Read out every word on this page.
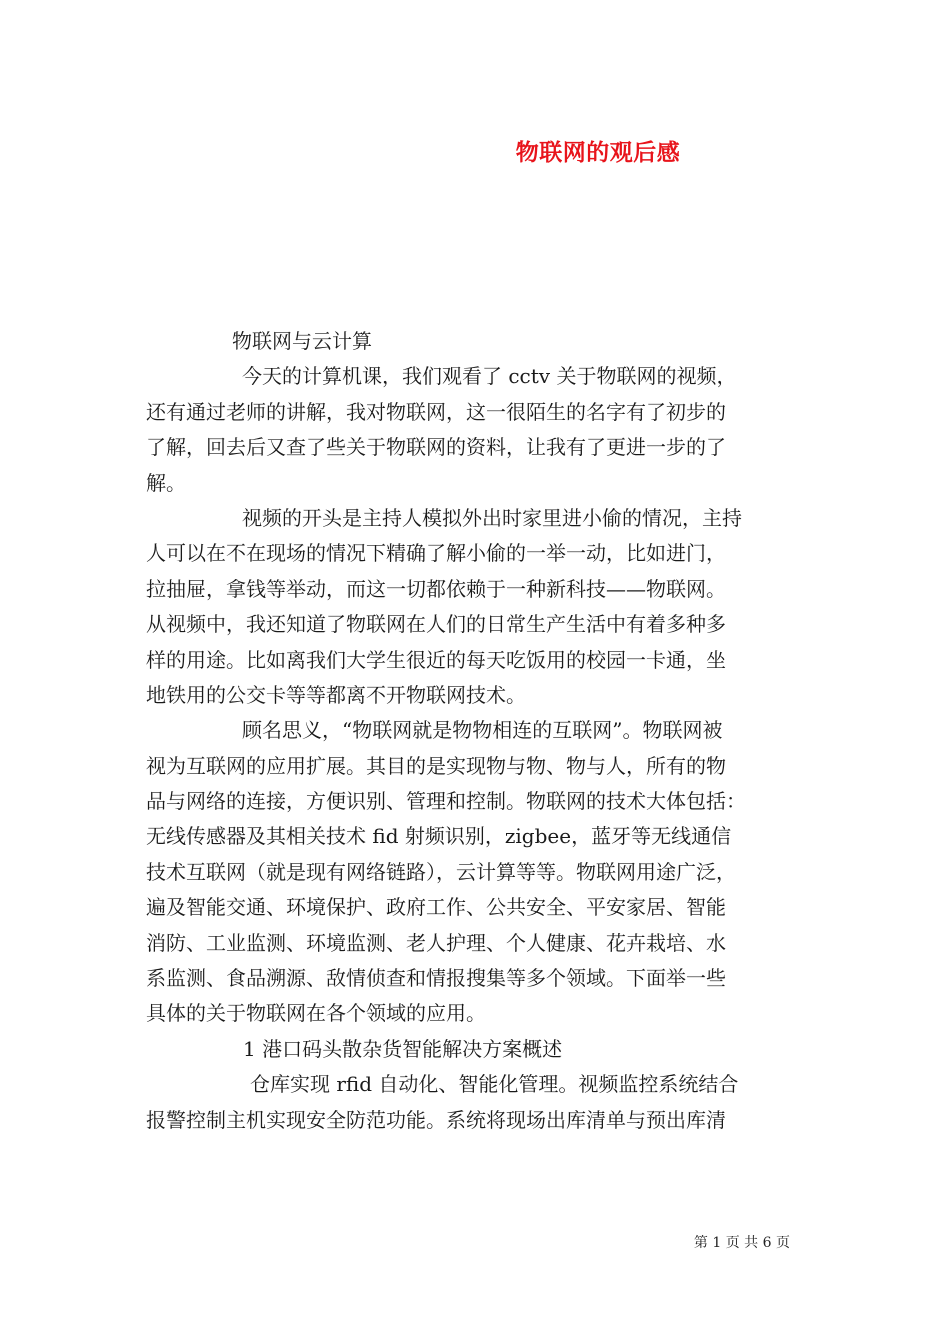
物联网的观后感
物联网与云计算
今天的计算机课，我们观看了 cctv 关于物联网的视频，
还有通过老师的讲解，我对物联网，这一很陌生的名字有了初步的
了解，回去后又查了些关于物联网的资料，让我有了更进一步的了
解。
视频的开头是主持人模拟外出时家里进小偷的情况，主持
人可以在不在现场的情况下精确了解小偷的一举一动，比如进门，
拉抽屉，拿钱等举动，而这一切都依赖于一种新科技——物联网。
从视频中，我还知道了物联网在人们的日常生产生活中有着多种多
样的用途。比如离我们大学生很近的每天吃饭用的校园一卡通，坐
地铁用的公交卡等等都离不开物联网技术。
顾名思义，“物联网就是物物相连的互联网”。物联网被
视为互联网的应用扩展。其目的是实现物与物、物与人，所有的物
品与网络的连接，方便识别、管理和控制。物联网的技术大体包括：
无线传感器及其相关技术 fid 射频识别，zigbee，蓝牙等无线通信
技术互联网（就是现有网络链路），云计算等等。物联网用途广泛，
遍及智能交通、环境保护、政府工作、公共安全、平安家居、智能
消防、工业监测、环境监测、老人护理、个人健康、花卉栽培、水
系监测、食品溯源、敌情侦查和情报搜集等多个领域。下面举一些
具体的关于物联网在各个领域的应用。
1 港口码头散杂货智能解决方案概述
仓库实现 rfid 自动化、智能化管理。视频监控系统结合
报警控制主机实现安全防范功能。系统将现场出库清单与预出库清
第 1 页 共 6 页
